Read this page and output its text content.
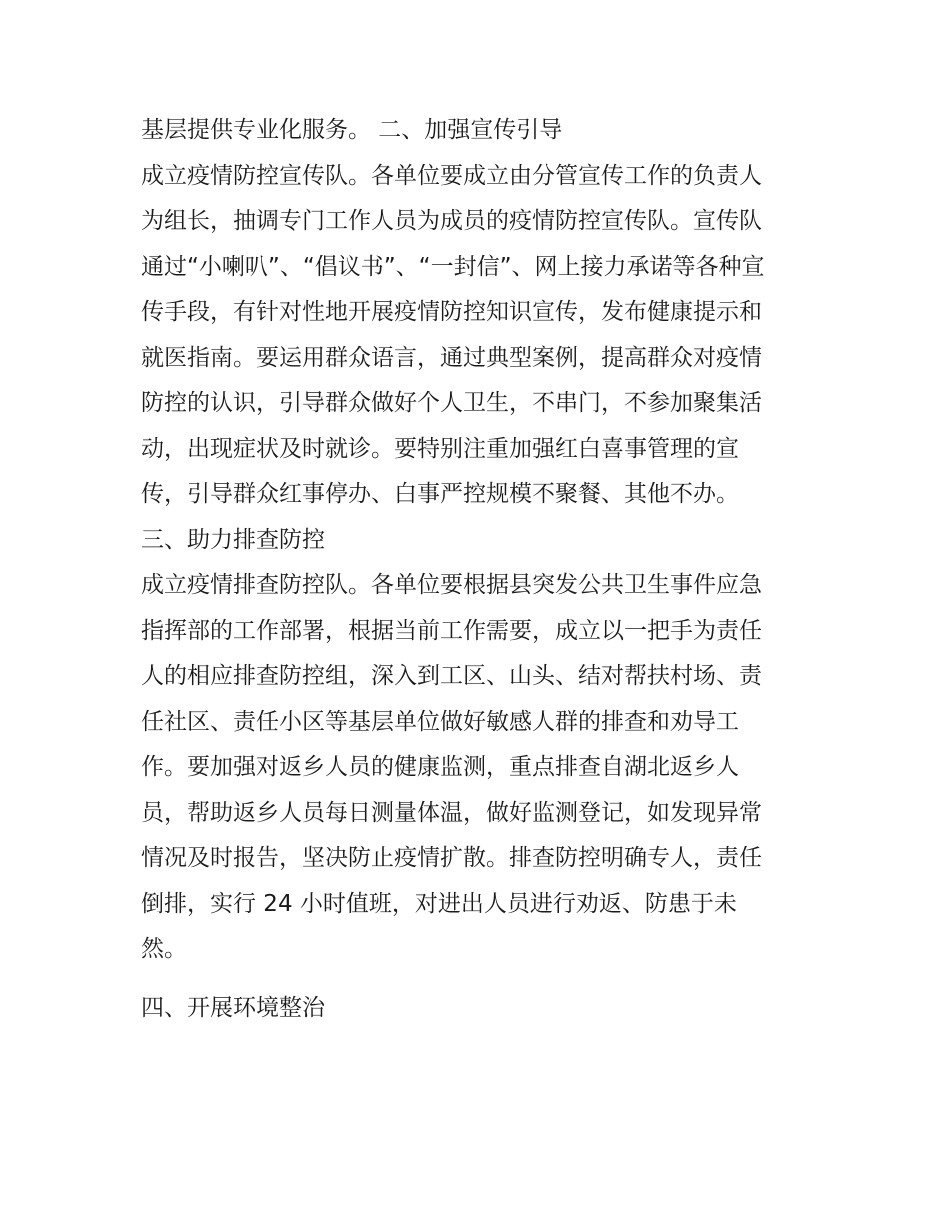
基层提供专业化服务。 二、加强宣传引导
成立疫情防控宣传队。各单位要成立由分管宣传工作的负责人
为组长，抽调专门工作人员为成员的疫情防控宣传队。宣传队
通过“小喇叭”、“倡议书”、“一封信”、网上接力承诺等各种宣
传手段，有针对性地开展疫情防控知识宣传，发布健康提示和
就医指南。要运用群众语言，通过典型案例，提高群众对疫情
防控的认识，引导群众做好个人卫生，不串门，不参加聚集活
动，出现症状及时就诊。要特别注重加强红白喜事管理的宣
传，引导群众红事停办、白事严控规模不聚餐、其他不办。
三、助力排查防控
成立疫情排查防控队。各单位要根据县突发公共卫生事件应急
指挥部的工作部署，根据当前工作需要，成立以一把手为责任
人的相应排查防控组，深入到工区、山头、结对帮扶村场、责
任社区、责任小区等基层单位做好敏感人群的排查和劝导工
作。要加强对返乡人员的健康监测，重点排查自湖北返乡人
员，帮助返乡人员每日测量体温，做好监测登记，如发现异常
情况及时报告，坚决防止疫情扩散。排查防控明确专人，责任
倒排，实行 24 小时值班，对进出人员进行劝返、防患于未
然。
四、开展环境整治
